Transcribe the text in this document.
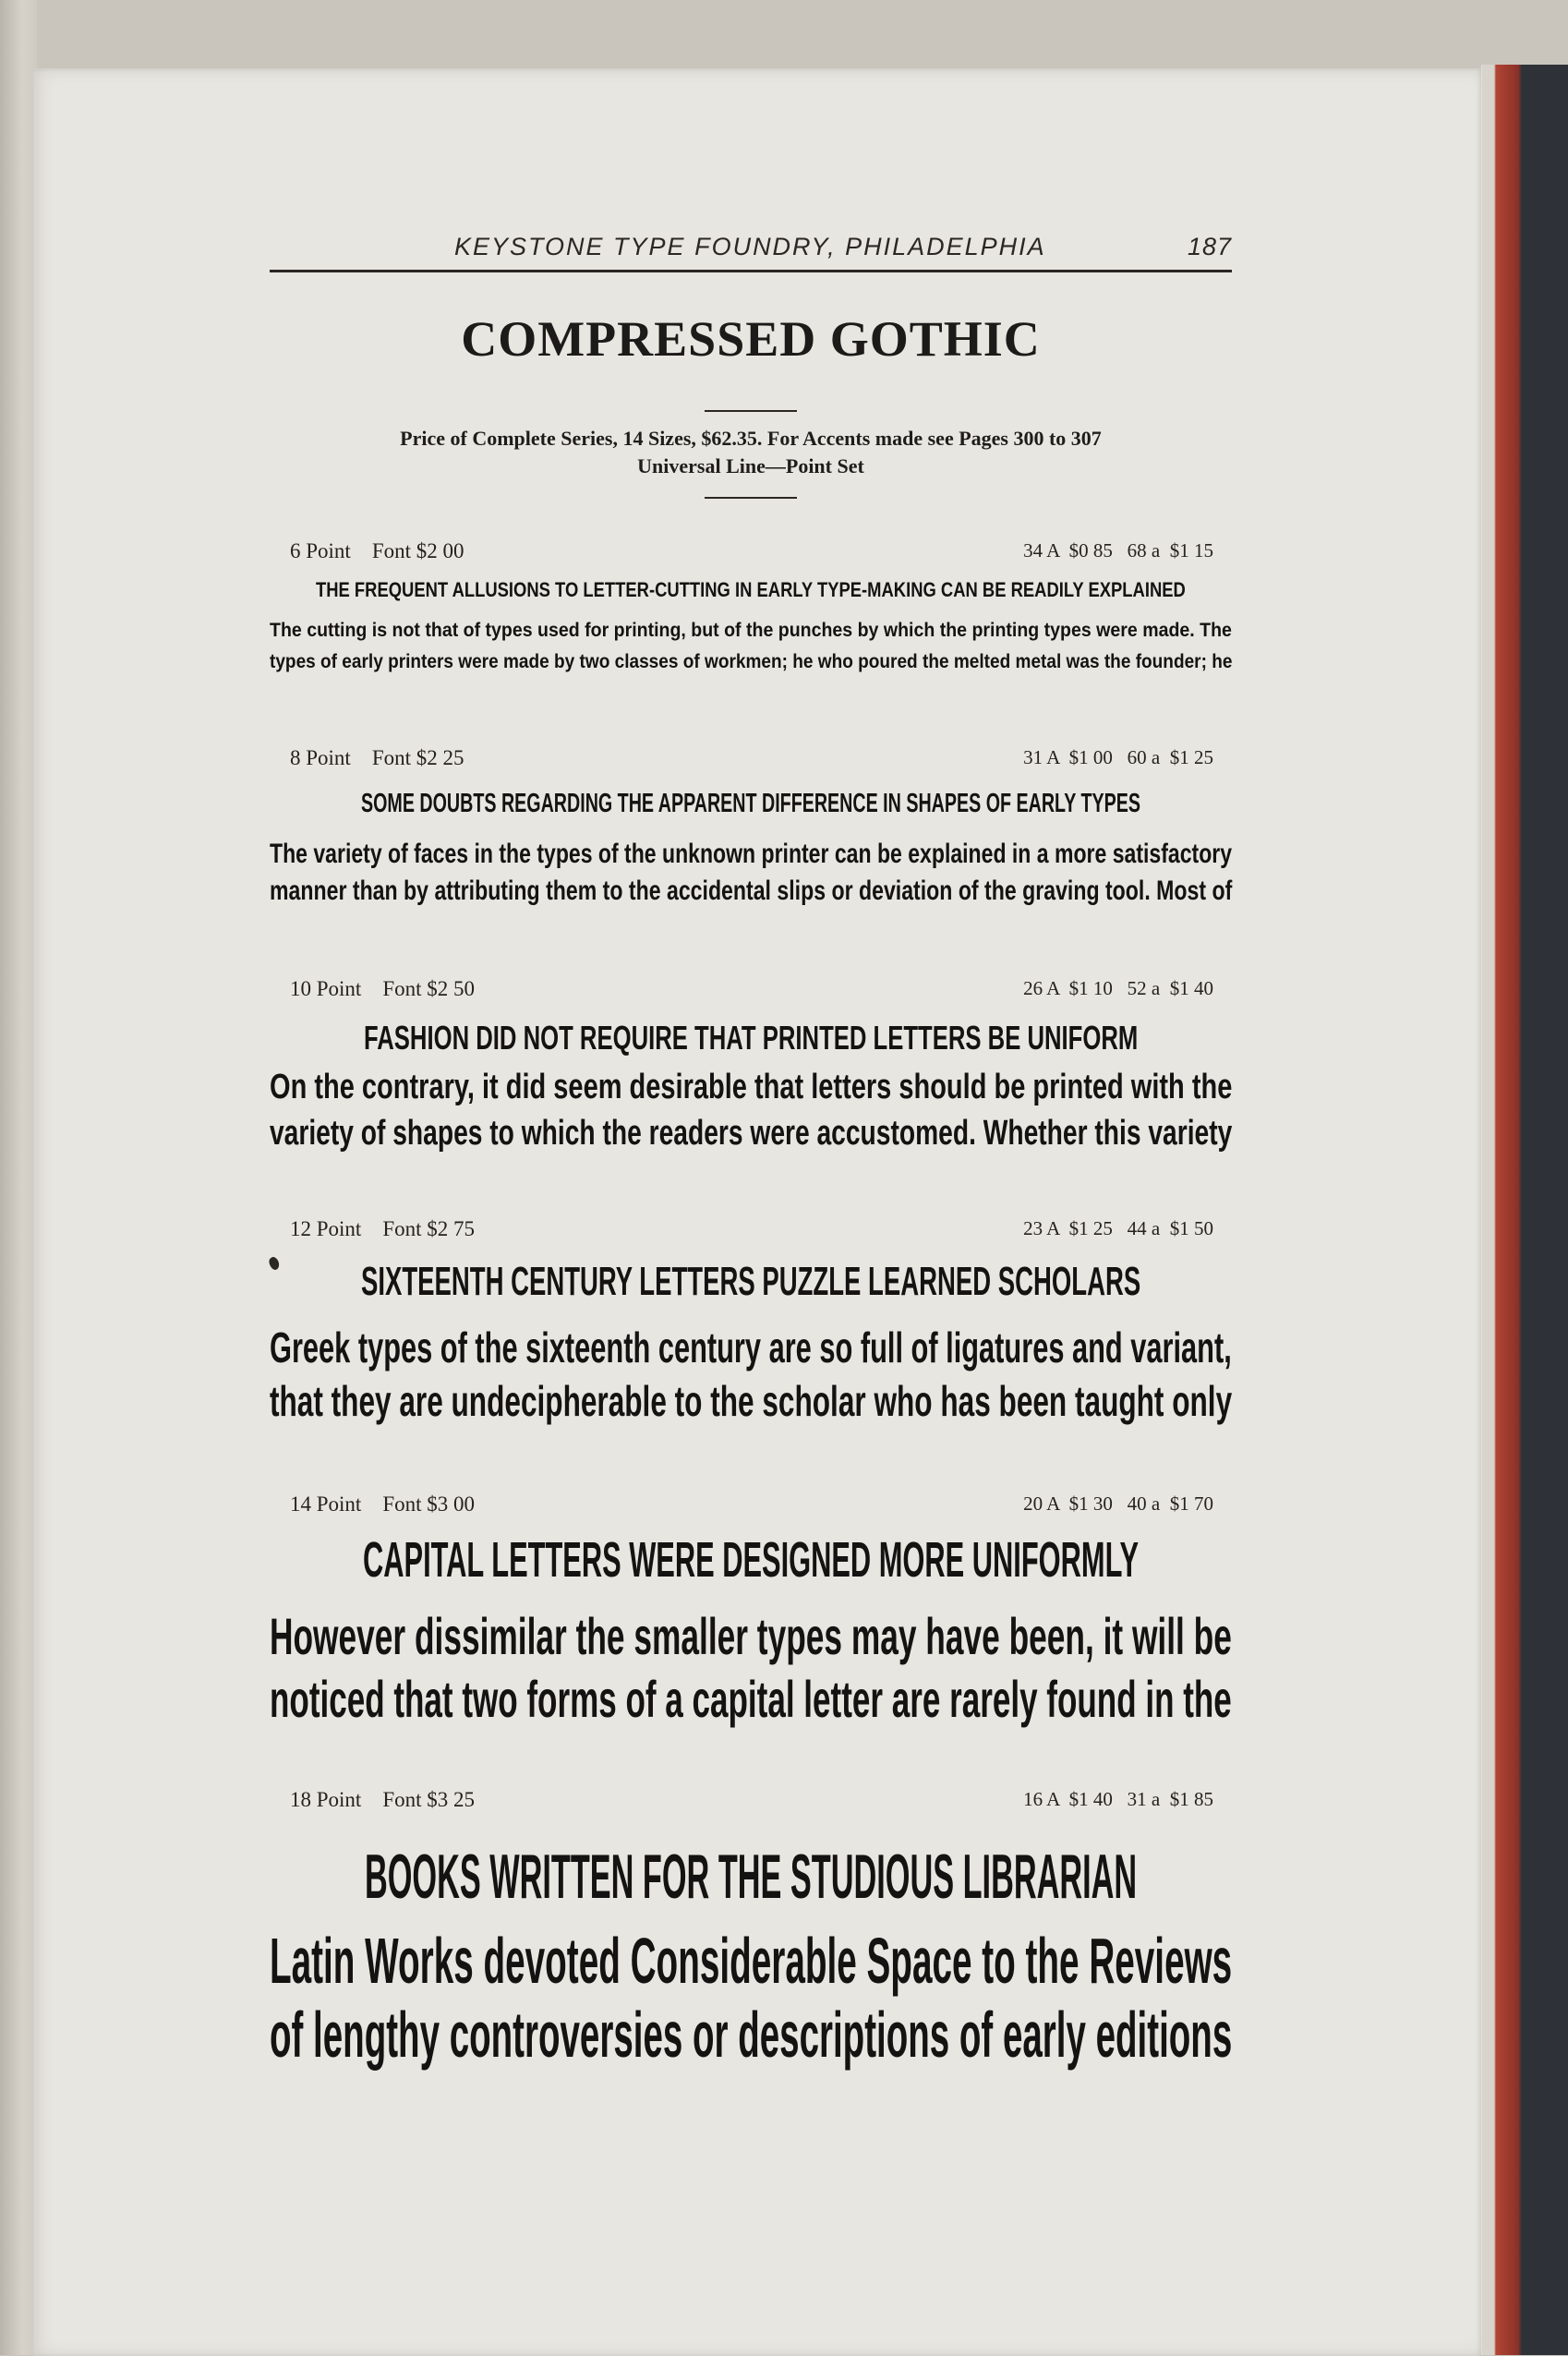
KEYSTONE TYPE FOUNDRY, PHILADELPHIA	187
COMPRESSED GOTHIC
Price of Complete Series, 14 Sizes, $62.35. For Accents made see Pages 300 to 307
Universal Line—Point Set
6 Point Font $2 00	34 A  $0 85   68 a  $1 15
THE FREQUENT ALLUSIONS TO LETTER-CUTTING IN EARLY TYPE-MAKING CAN BE READILY EXPLAINED
The cutting is not that of types used for printing, but of the punches by which the printing types were made. The
types of early printers were made by two classes of workmen; he who poured the melted metal was the founder; he
8 Point Font $2 25	31 A  $1 00   60 a  $1 25
SOME DOUBTS REGARDING THE APPARENT DIFFERENCE IN SHAPES OF EARLY TYPES
The variety of faces in the types of the unknown printer can be explained in a more satisfactory
manner than by attributing them to the accidental slips or deviation of the graving tool. Most of
10 Point Font $2 50	26 A  $1 10   52 a  $1 40
FASHION DID NOT REQUIRE THAT PRINTED LETTERS BE UNIFORM
On the contrary, it did seem desirable that letters should be printed with the
variety of shapes to which the readers were accustomed. Whether this variety
12 Point Font $2 75	23 A  $1 25   44 a  $1 50
SIXTEENTH CENTURY LETTERS PUZZLE LEARNED SCHOLARS
Greek types of the sixteenth century are so full of ligatures and variant,
that they are undecipherable to the scholar who has been taught only
14 Point Font $3 00	20 A  $1 30   40 a  $1 70
CAPITAL LETTERS WERE DESIGNED MORE UNIFORMLY
However dissimilar the smaller types may have been, it will be
noticed that two forms of a capital letter are rarely found in the
18 Point Font $3 25	16 A  $1 40   31 a  $1 85
BOOKS WRITTEN FOR THE STUDIOUS LIBRARIAN
Latin Works devoted Considerable Space to the Reviews
of lengthy controversies or descriptions of early editions
